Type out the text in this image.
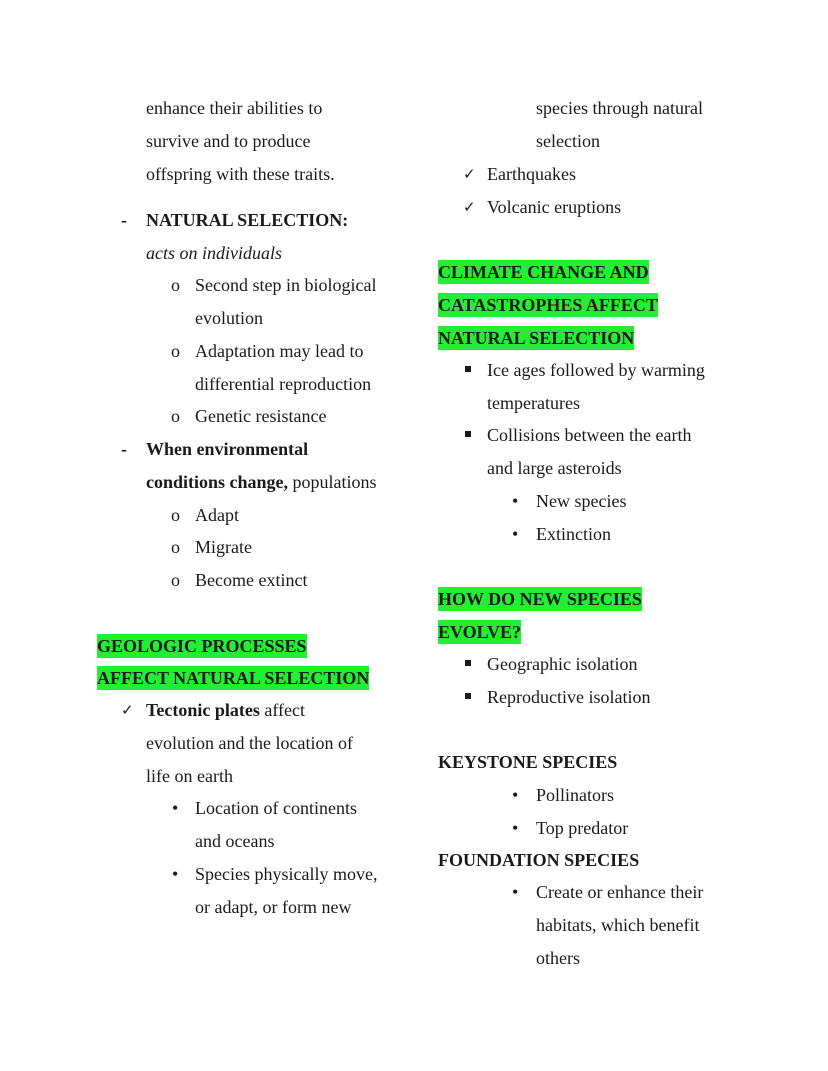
enhance their abilities to
survive and to produce
offspring with these traits.
- NATURAL SELECTION:
acts on individuals
o Second step in biological
evolution
o Adaptation may lead to
differential reproduction
o Genetic resistance
- When environmental
conditions change, populations
o Adapt
o Migrate
o Become extinct
GEOLOGIC PROCESSES
AFFECT NATURAL SELECTION
✓ Tectonic plates affect
evolution and the location of
life on earth
• Location of continents
and oceans
• Species physically move,
or adapt, or form new
species through natural
selection
✓ Earthquakes
✓ Volcanic eruptions
CLIMATE CHANGE AND
CATASTROPHES AFFECT
NATURAL SELECTION
Ice ages followed by warming
temperatures
Collisions between the earth
and large asteroids
• New species
• Extinction
HOW DO NEW SPECIES
EVOLVE?
Geographic isolation
Reproductive isolation
KEYSTONE SPECIES
• Pollinators
• Top predator
FOUNDATION SPECIES
• Create or enhance their
habitats, which benefit
others
